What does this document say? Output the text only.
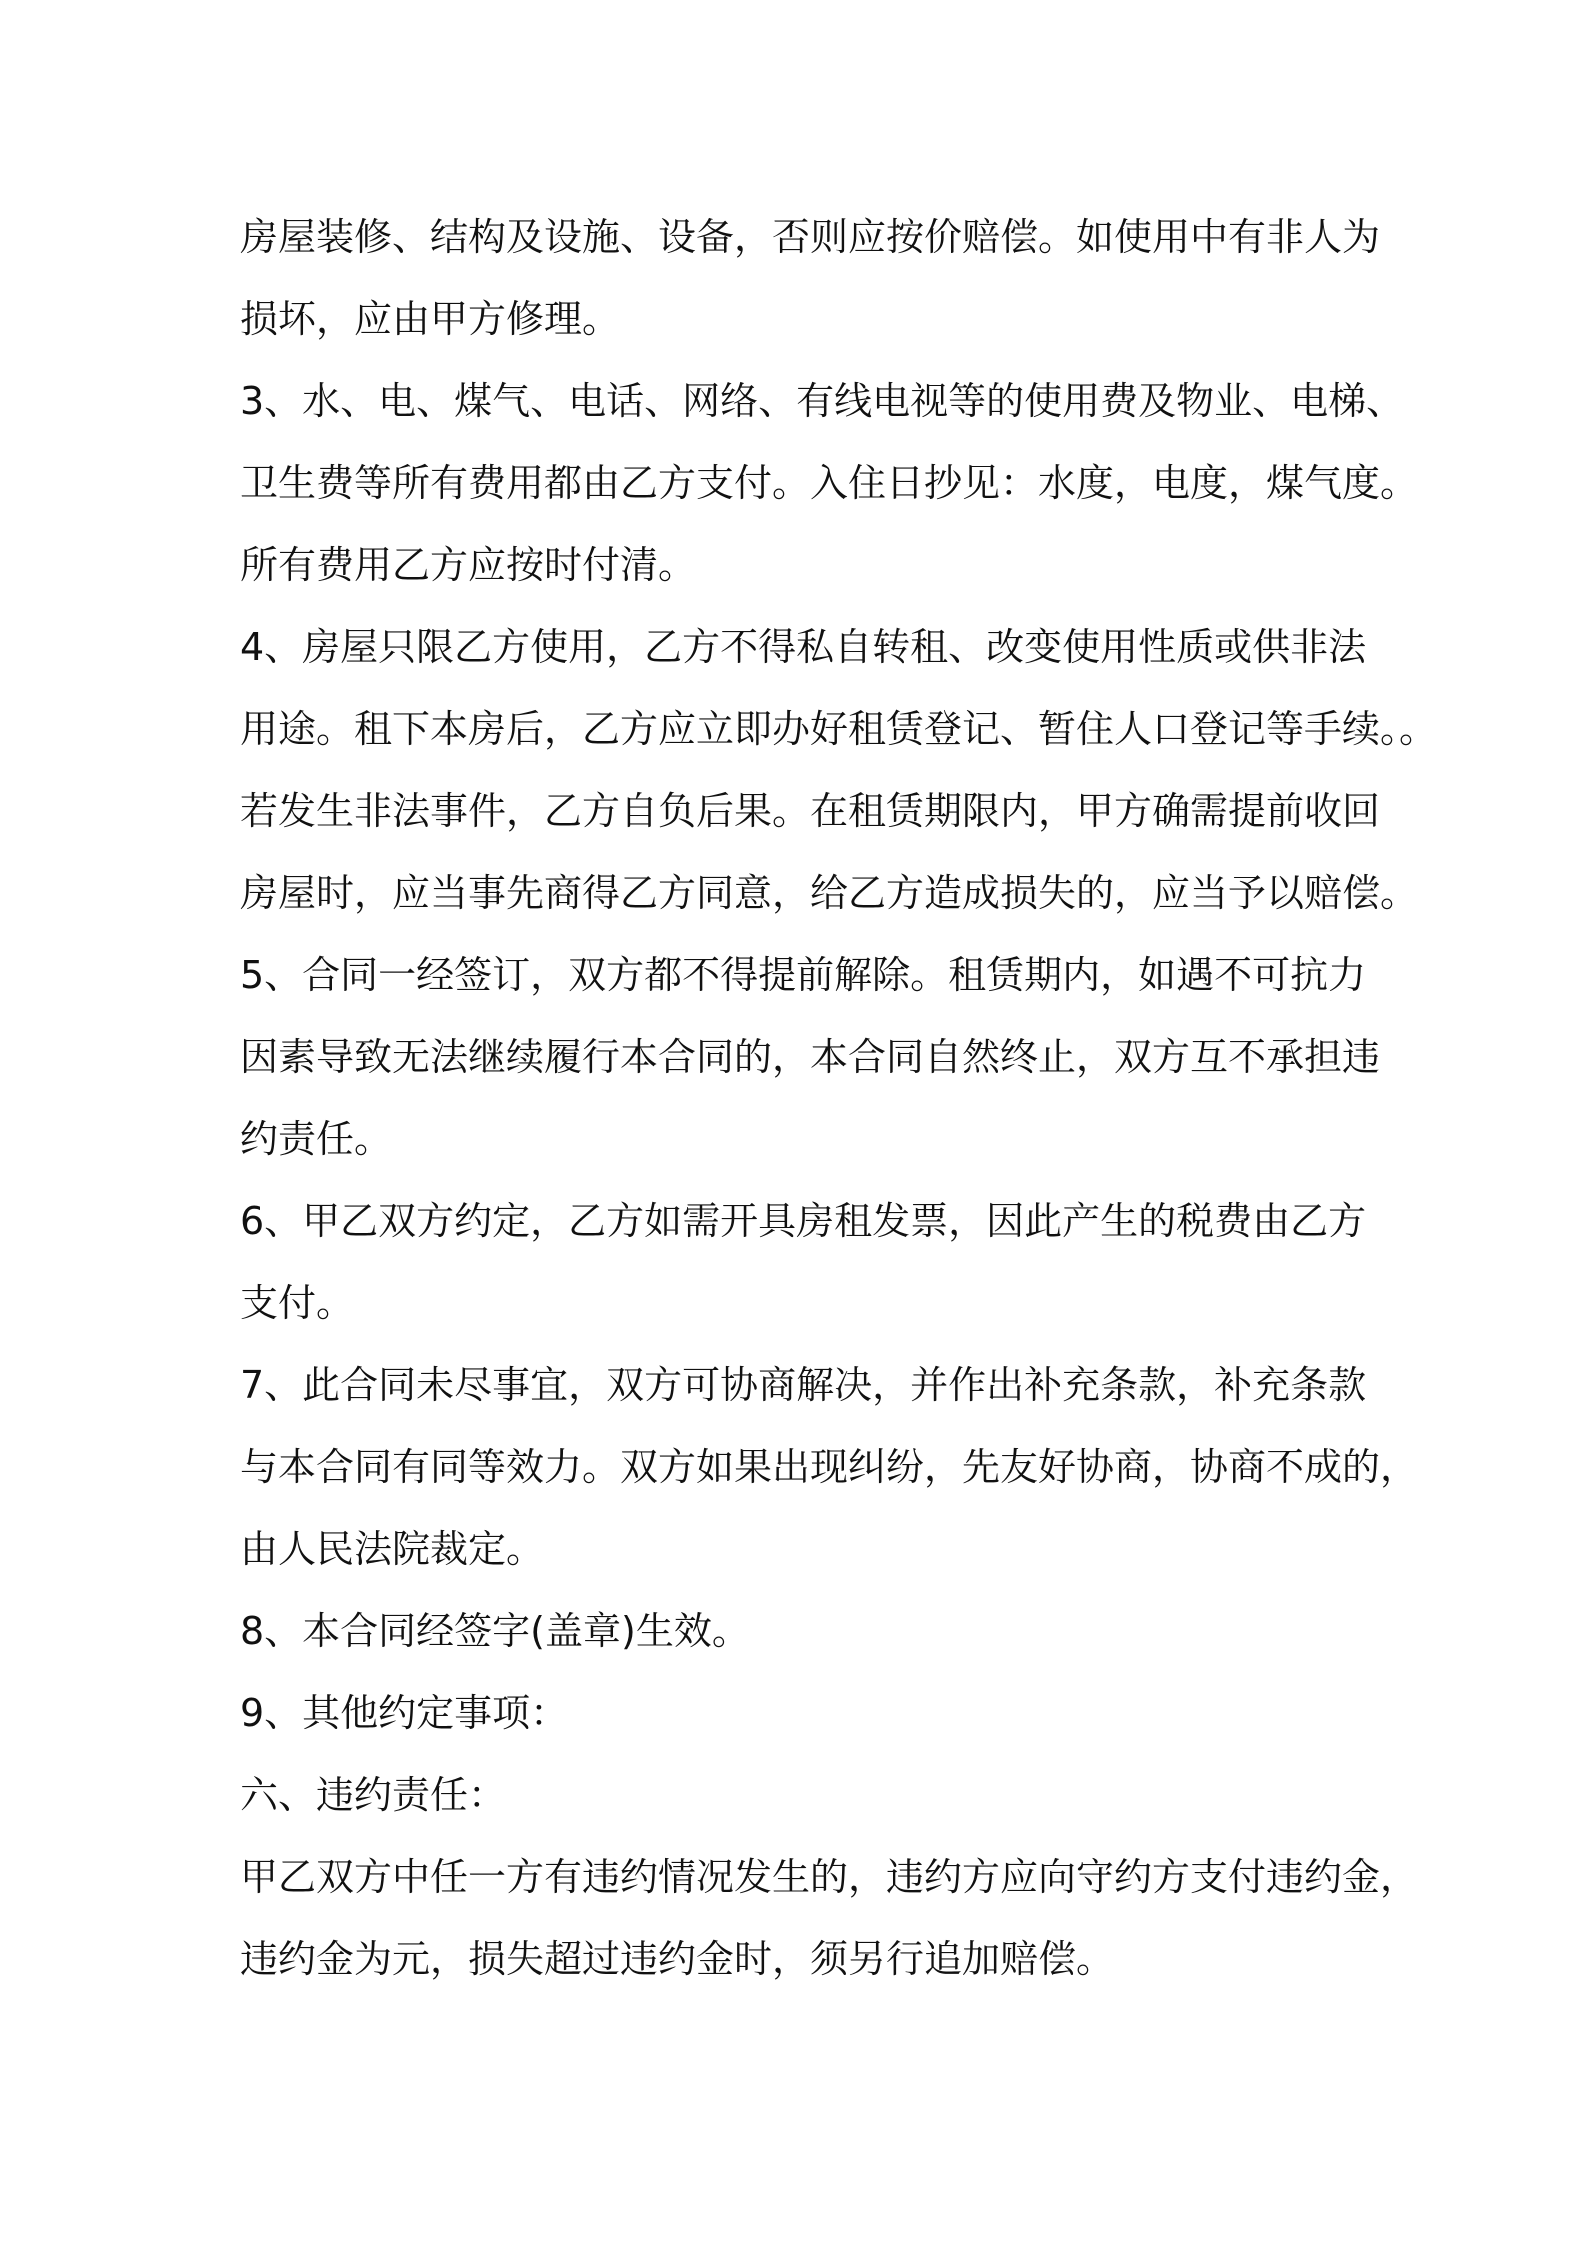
房屋装修、结构及设施、设备，否则应按价赔偿。如使用中有非人为
损坏，应由甲方修理。
3、水、电、煤气、电话、网络、有线电视等的使用费及物业、电梯、
卫生费等所有费用都由乙方支付。入住日抄见：水度，电度，煤气度。
所有费用乙方应按时付清。
4、房屋只限乙方使用，乙方不得私自转租、改变使用性质或供非法
用途。租下本房后，乙方应立即办好租赁登记、暂住人口登记等手续。。
若发生非法事件，乙方自负后果。在租赁期限内，甲方确需提前收回
房屋时，应当事先商得乙方同意，给乙方造成损失的，应当予以赔偿。
5、合同一经签订，双方都不得提前解除。租赁期内，如遇不可抗力
因素导致无法继续履行本合同的，本合同自然终止，双方互不承担违
约责任。
6、甲乙双方约定，乙方如需开具房租发票，因此产生的税费由乙方
支付。
7、此合同未尽事宜，双方可协商解决，并作出补充条款，补充条款
与本合同有同等效力。双方如果出现纠纷，先友好协商，协商不成的，
由人民法院裁定。
8、本合同经签字(盖章)生效。
9、其他约定事项：
六、违约责任：
甲乙双方中任一方有违约情况发生的，违约方应向守约方支付违约金，
违约金为元，损失超过违约金时，须另行追加赔偿。
